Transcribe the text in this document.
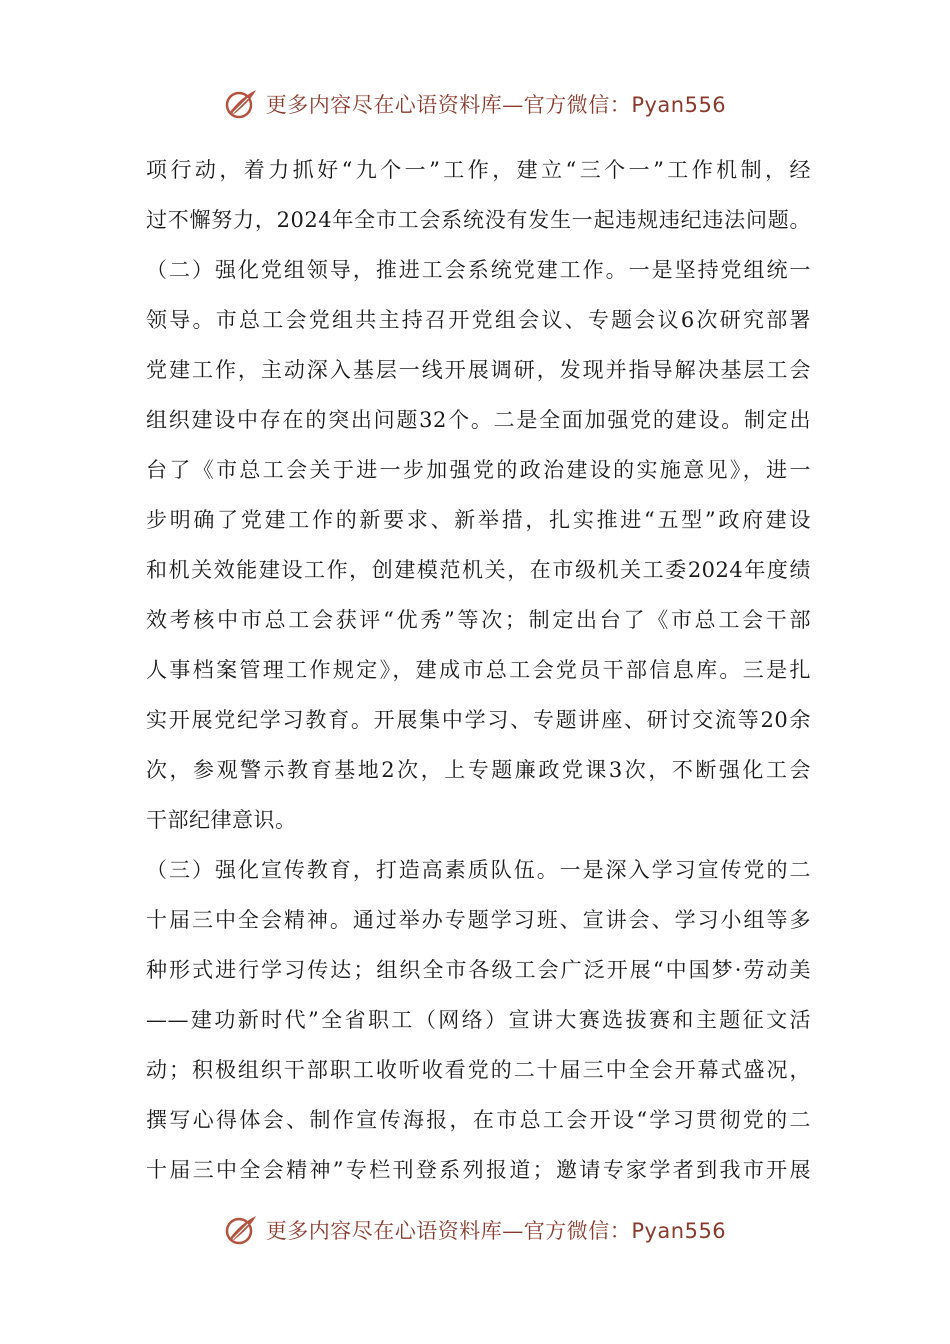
更多内容尽在心语资料库—官方微信：Pyan556
项行动，着力抓好“九个一”工作，建立“三个一”工作机制，经
过不懈努力，2024年全市工会系统没有发生一起违规违纪违法问题。
（二）强化党组领导，推进工会系统党建工作。一是坚持党组统一
领导。市总工会党组共主持召开党组会议、专题会议6次研究部署
党建工作，主动深入基层一线开展调研，发现并指导解决基层工会
组织建设中存在的突出问题32个。二是全面加强党的建设。制定出
台了《市总工会关于进一步加强党的政治建设的实施意见》，进一
步明确了党建工作的新要求、新举措，扎实推进“五型”政府建设
和机关效能建设工作，创建模范机关，在市级机关工委2024年度绩
效考核中市总工会获评“优秀”等次；制定出台了《市总工会干部
人事档案管理工作规定》，建成市总工会党员干部信息库。三是扎
实开展党纪学习教育。开展集中学习、专题讲座、研讨交流等20余
次，参观警示教育基地2次，上专题廉政党课3次，不断强化工会
干部纪律意识。
（三）强化宣传教育，打造高素质队伍。一是深入学习宣传党的二
十届三中全会精神。通过举办专题学习班、宣讲会、学习小组等多
种形式进行学习传达；组织全市各级工会广泛开展“中国梦·劳动美
——建功新时代”全省职工（网络）宣讲大赛选拔赛和主题征文活
动；积极组织干部职工收听收看党的二十届三中全会开幕式盛况，
撰写心得体会、制作宣传海报，在市总工会开设“学习贯彻党的二
十届三中全会精神”专栏刊登系列报道；邀请专家学者到我市开展
更多内容尽在心语资料库—官方微信：Pyan556
